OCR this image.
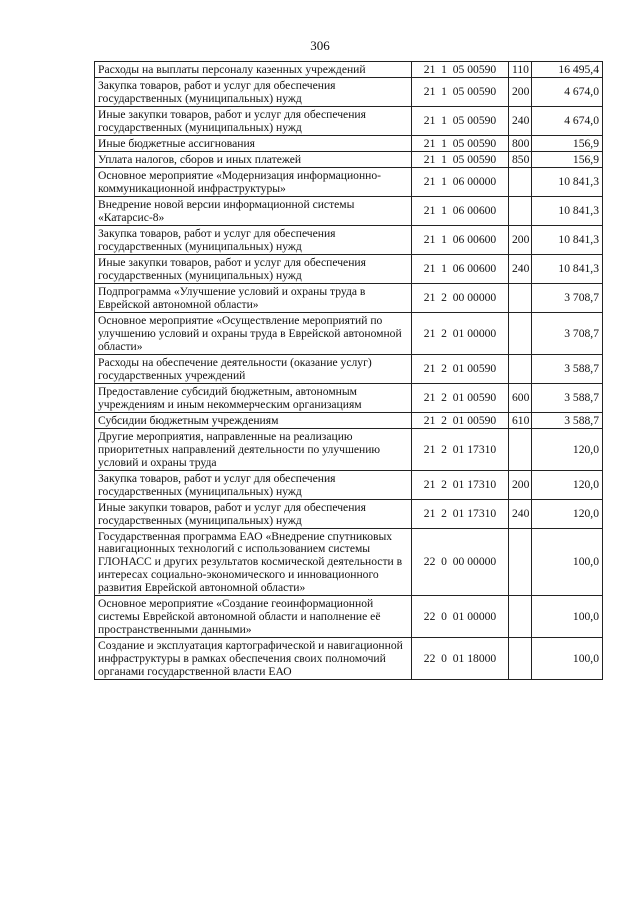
306
Расходы на выплаты персоналу казенных учреждений	21  1  05 00590	110	16 495,4
Закупка товаров, работ и услуг для обеспечения государственных (муниципальных) нужд	21  1  05 00590	200	4 674,0
Иные закупки товаров, работ и услуг для обеспечения государственных (муниципальных) нужд	21  1  05 00590	240	4 674,0
Иные бюджетные ассигнования	21  1  05 00590	800	156,9
Уплата налогов, сборов и иных платежей	21  1  05 00590	850	156,9
Основное мероприятие «Модернизация информационно-коммуникационной инфраструктуры»	21  1  06 00000		10 841,3
Внедрение новой версии информационной системы «Катарсис-8»	21  1  06 00600		10 841,3
Закупка товаров, работ и услуг для обеспечения государственных (муниципальных) нужд	21  1  06 00600	200	10 841,3
Иные закупки товаров, работ и услуг для обеспечения государственных (муниципальных) нужд	21  1  06 00600	240	10 841,3
Подпрограмма «Улучшение условий и охраны труда в Еврейской автономной области»	21  2  00 00000		3 708,7
Основное мероприятие «Осуществление мероприятий по улучшению условий и охраны труда в Еврейской автономной области»	21  2  01 00000		3 708,7
Расходы на обеспечение деятельности (оказание услуг) государственных учреждений	21  2  01 00590		3 588,7
Предоставление субсидий бюджетным, автономным учреждениям и иным некоммерческим организациям	21  2  01 00590	600	3 588,7
Субсидии бюджетным учреждениям	21  2  01 00590	610	3 588,7
Другие мероприятия, направленные на реализацию приоритетных направлений деятельности по улучшению условий и охраны труда	21  2  01 17310		120,0
Закупка товаров, работ и услуг для обеспечения государственных (муниципальных) нужд	21  2  01 17310	200	120,0
Иные закупки товаров, работ и услуг для обеспечения государственных (муниципальных) нужд	21  2  01 17310	240	120,0
Государственная программа ЕАО «Внедрение спутниковых навигационных технологий с использованием системы ГЛОНАСС и других результатов космической деятельности в интересах социально-экономического и инновационного развития Еврейской автономной области»	22  0  00 00000		100,0
Основное мероприятие «Создание геоинформационной системы Еврейской автономной области и наполнение её пространственными данными»	22  0  01 00000		100,0
Создание и эксплуатация картографической и навигационной инфраструктуры в рамках обеспечения своих полномочий органами государственной власти ЕАО	22  0  01 18000		100,0
